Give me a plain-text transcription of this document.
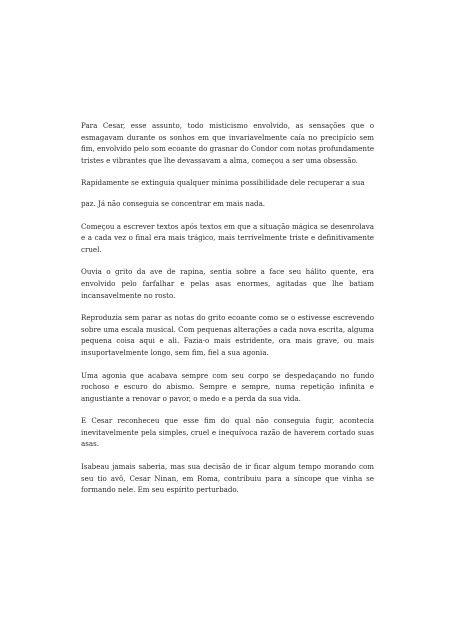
Para Cesar, esse assunto, todo misticismo envolvido, as sensações que o esmagavam durante os sonhos em que invariavelmente caía no precipício sem fim, envolvido pelo som ecoante do grasnar do Condor com notas profundamente tristes e vibrantes que lhe devassavam a alma, começou a ser uma obsessão.

Rapidamente se extinguia qualquer mínima possibilidade dele recuperar a sua

paz. Já não conseguia se concentrar em mais nada.

Começou a escrever textos após textos em que a situação mágica se desenrolava e a cada vez o final era mais trágico, mais terrivelmente triste e definitivamente cruel.

Ouvia o grito da ave de rapina, sentia sobre a face seu hálito quente, era envolvido pelo farfalhar e pelas asas enormes, agitadas que lhe batiam incansavelmente no rosto.

Reproduzia sem parar as notas do grito ecoante como se o estivesse escrevendo sobre uma escala musical. Com pequenas alterações a cada nova escrita, alguma pequena coisa aqui e ali. Fazia-o mais estridente, ora mais grave, ou mais insuportavelmente longo, sem fim, fiel a sua agonia.

Uma agonia que acabava sempre com seu corpo se despedaçando no fundo rochoso e escuro do abismo. Sempre e sempre, numa repetição infinita e angustiante a renovar o pavor, o medo e a perda da sua vida.

E Cesar reconheceu que esse fim do qual não conseguia fugir, acontecia inevitavelmente pela simples, cruel e inequívoca razão de haverem cortado suas asas.

Isabeau jamais saberia, mas sua decisão de ir ficar algum tempo morando com seu tio avô, Cesar Ninan, em Roma, contribuiu para a síncope que vinha se formando nele. Em seu espírito perturbado.
